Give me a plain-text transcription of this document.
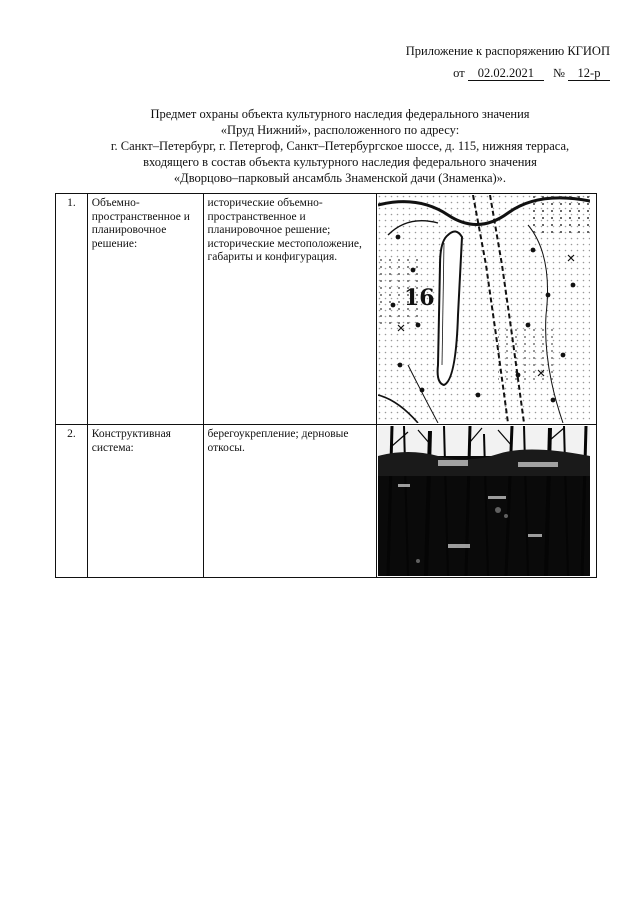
Приложение к распоряжению КГИОП
от 02.02.2021 № 12-р
Предмет охраны объекта культурного наследия федерального значения
«Пруд Нижний», расположенного по адресу:
г. Санкт–Петербург, г. Петергоф, Санкт–Петербургское шоссе, д. 115, нижняя терраса,
входящего в состав объекта культурного наследия федерального значения
«Дворцово–парковый ансамбль Знаменской дачи (Знаменка)».
1.	Объемно-пространственное и планировочное решение:	исторические объемно-пространственное и планировочное решение; исторические местоположение, габариты и конфигурация.	16

2.	Конструктивная система:	берегоукрепление; дерновые откосы.	
